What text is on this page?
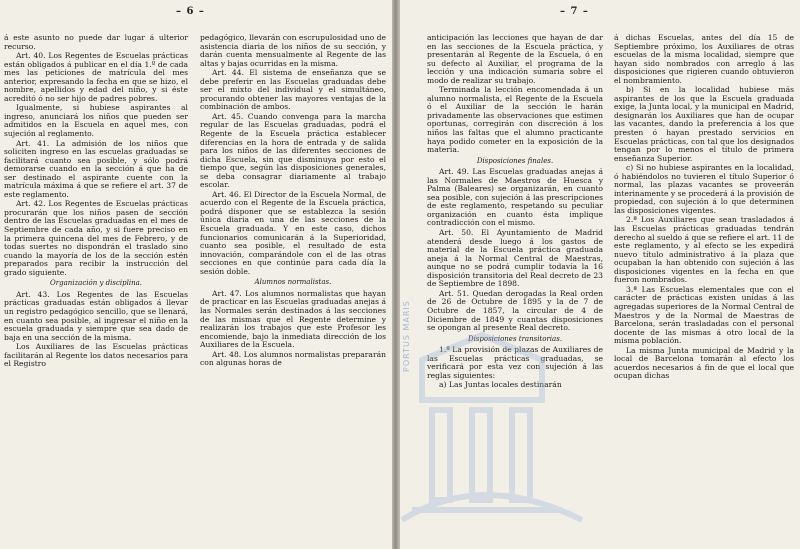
– 6 –

á este asunto no puede dar lugar á ulterior recurso.

Art. 40. Los Regentes de Escuelas prácticas están obligados á publicar en el día 1.º de cada mes las peticiones de matrícula del mes anterior, expresando la fecha en que se hizo, el nombre, apellidos y edad del niño, y si éste acreditó ó no ser hijo de padres pobres.

Igualmente, si hubiese aspirantes al ingreso, anunciará los niños que pueden ser admitidos en la Escuela en aquel mes, con sujeción al reglamento.

Art. 41. La admisión de los niños que soliciten ingreso en las escuelas graduadas se facilitará cuanto sea posible, y sólo podrá demorarse cuando en la sección á que ha de ser destinado el aspirante cuente con la matrícula máxima á que se refiere el art. 37 de este reglamento.

Art. 42. Los Regentes de Escuelas prácticas procurarán que los niños pasen de sección dentro de las Escuelas graduadas en el mes de Septiembre de cada año, y si fuere preciso en la primera quincena del mes de Febrero, y de todas suertes no dispondrán el traslado sino cuando la mayoría de los de la sección estén preparados para recibir la instrucción del grado siguiente.

Organización y disciplina.

Art. 43. Los Regentes de las Escuelas prácticas graduadas están obligados á llevar un registro pedagógico sencillo, que se llenará, en cuanto sea posible, al ingresar el niño en la escuela graduada y siempre que sea dado de baja en una sección de la misma.

Los Auxiliares de las Escuelas prácticas facilitarán al Regente los datos necesarios para el Registro

pedagógico, llevarán con escrupulosidad uno de asistencia diaria de los niños de su sección, y darán cuenta mensualmente al Regente de las altas y bajas ocurridas en la misma.

Art. 44. El sistema de enseñanza que se debe preferir en las Escuelas graduadas debe ser el mixto del individual y el simultáneo, procurando obtener las mayores ventajas de la combinación de ambos.

Art. 45. Cuando convenga para la marcha regular de las Escuelas graduadas, podrá el Regente de la Escuela práctica establecer diferencias en la hora de entrada y de salida para los niños de las diferentes secciones de dicha Escuela, sin que disminuya por esto el tiempo que, según las disposiciones generales, se deba consagrar diariamente al trabajo escolar.

Art. 46. El Director de la Escuela Normal, de acuerdo con el Regente de la Escuela práctica, podrá disponer que se establezca la sesión única diaria en una de las secciones de la Escuela graduada. Y en este caso, dichos funcionarios comunicarán á la Superioridad, cuanto sea posible, el resultado de esta innovación, comparándole con el de las otras secciones en que continúe para cada día la sesión doble.

Alumnos normalistas.

Art. 47. Los alumnos normalistas que hayan de practicar en las Escuelas graduadas anejas á las Normales serán destinados á las secciones de las mismas que el Regente determine y realizarán los trabajos que este Profesor les encomiende, bajo la inmediata dirección de los Auxiliares de la Escuela.

Art. 48. Los alumnos normalistas prepararán con algunas horas de

– 7 –

anticipación las lecciones que hayan de dar en las secciones de la Escuela práctica, y presentarán al Regente de la Escuela, ó en su defecto al Auxiliar, el programa de la lección y una indicación sumaria sobre el modo de realizar su trabajo.

Terminada la lección encomendada á un alumno normalista, el Regente de la Escuela ó el Auxiliar de la sección le harán privadamente las observaciones que estimen oportunas, corregirán con discreción á los niños las faltas que el alumno practicante haya podido cometer en la exposición de la materia.

Disposiciones finales.

Art. 49. Las Escuelas graduadas anejas á las Normales de Maestros de Huesca y Palma (Baleares) se organizarán, en cuanto sea posible, con sujeción á las prescripciones de este reglamento, respetando su peculiar organización en cuanto ésta implique contradicción con el mismo.

Art. 50. El Ayuntamiento de Madrid atenderá desde luego á los gastos de material de la Escuela práctica graduada aneja á la Normal Central de Maestras, aunque no se podrá cumplir todavía la 16 disposición transitoria del Real decreto de 23 de Septiembre de 1898.

Art. 51. Quedan derogadas la Real orden de 26 de Octubre de 1895 y la de 7 de Octubre de 1857, la circular de 4 de Diciembre de 1849 y cuantas disposiciones se opongan al presente Real decreto.

Disposiciones transitorias.

1.ª La provisión de plazas de Auxiliares de las Escuelas prácticas graduadas, se verificará por esta vez con sujeción á las reglas siguientes:

a) Las Juntas locales destinarán

á dichas Escuelas, antes del día 15 de Septiembre próximo, los Auxiliares de otras escuelas de la misma localidad, siempre que hayan sido nombrados con arreglo á las disposiciones que rigieren cuando obtuvieron el nombramiento.

b) Si en la localidad hubiese más aspirantes de los que la Escuela graduada exige, la Junta local, y la municipal en Madrid, designarán los Auxiliares que han de ocupar las vacantes, dando la preferencia á los que presten ó hayan prestado servicios en Escuelas prácticas, con tal que los designados tengan por lo menos el título de primera enseñanza Superior.

c) Si no hubiese aspirantes en la localidad, ó habiéndolos no tuvieren el título Superior ó normal, las plazas vacantes se proveerán interinamente y se procederá á la provisión de propiedad, con sujeción á lo que determinen las disposiciones vigentes.

2.ª Los Auxiliares que sean trasladados á las Escuelas prácticas graduadas tendrán derecho al sueldo á que se refiere el art. 11 de este reglamento, y al efecto se les expedirá nuevo título administrativo á la plaza que ocupaban la han obtenido con sujeción á las disposiciones vigentes en la fecha en que fueron nombrados.

3.ª Las Escuelas elementales que con el carácter de prácticas existen unidas á las agregadas superiores de la Normal Central de Maestros y de la Normal de Maestras de Barcelona, serán trasladadas con el personal docente de las mismas á otro local de la misma población.

La misma Junta municipal de Madrid y la local de Barcelona tomarán al efecto los acuerdos necesarios á fin de que el local que ocupan dichas

PORTUS MARIS
